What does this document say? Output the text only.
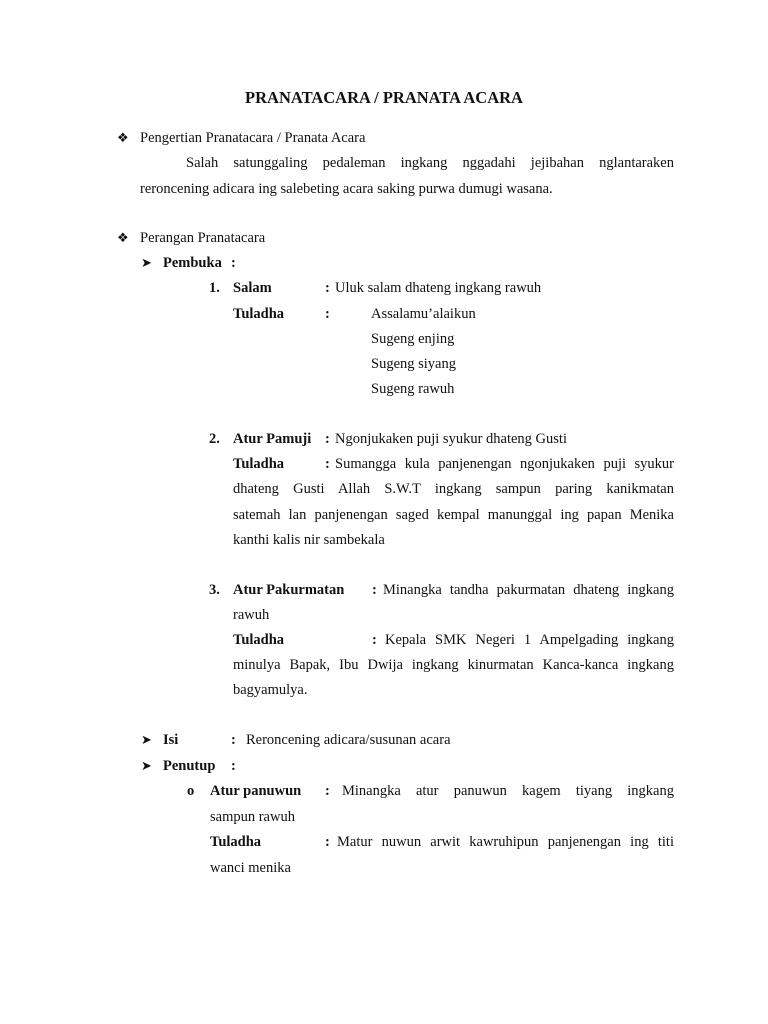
PRANATACARA / PRANATA ACARA
❖ Pengertian Pranatacara / Pranata Acara
Salah satunggaling pedaleman ingkang nggadahi jejibahan nglantaraken
reroncening adicara ing salebeting acara saking purwa dumugi wasana.
❖ Perangan Pranatacara
➤ Pembuka :
1. Salam	: Uluk salam dhateng ingkang rawuh
Tuladha	:	Assalamu’alaikun
Sugeng enjing
Sugeng siyang
Sugeng rawuh
2. Atur Pamuji : Ngonjukaken puji syukur dhateng Gusti
Tuladha	: Sumangga kula panjenengan ngonjukaken puji syukur
dhateng Gusti Allah S.W.T ingkang sampun paring kanikmatan
satemah lan panjenengan saged kempal manunggal ing papan Menika
kanthi kalis nir sambekala
3. Atur Pakurmatan : Minangka tandha pakurmatan dhateng ingkang
rawuh
Tuladha	: Kepala SMK Negeri 1 Ampelgading ingkang
minulya Bapak, Ibu Dwija ingkang kinurmatan Kanca-kanca ingkang
bagyamulya.
➤ Isi	: Reroncening adicara/susunan acara
➤ Penutup :
o Atur panuwun : Minangka atur panuwun kagem tiyang ingkang
sampun rawuh
Tuladha	: Matur nuwun arwit kawruhipun panjenengan ing titi
wanci menika
